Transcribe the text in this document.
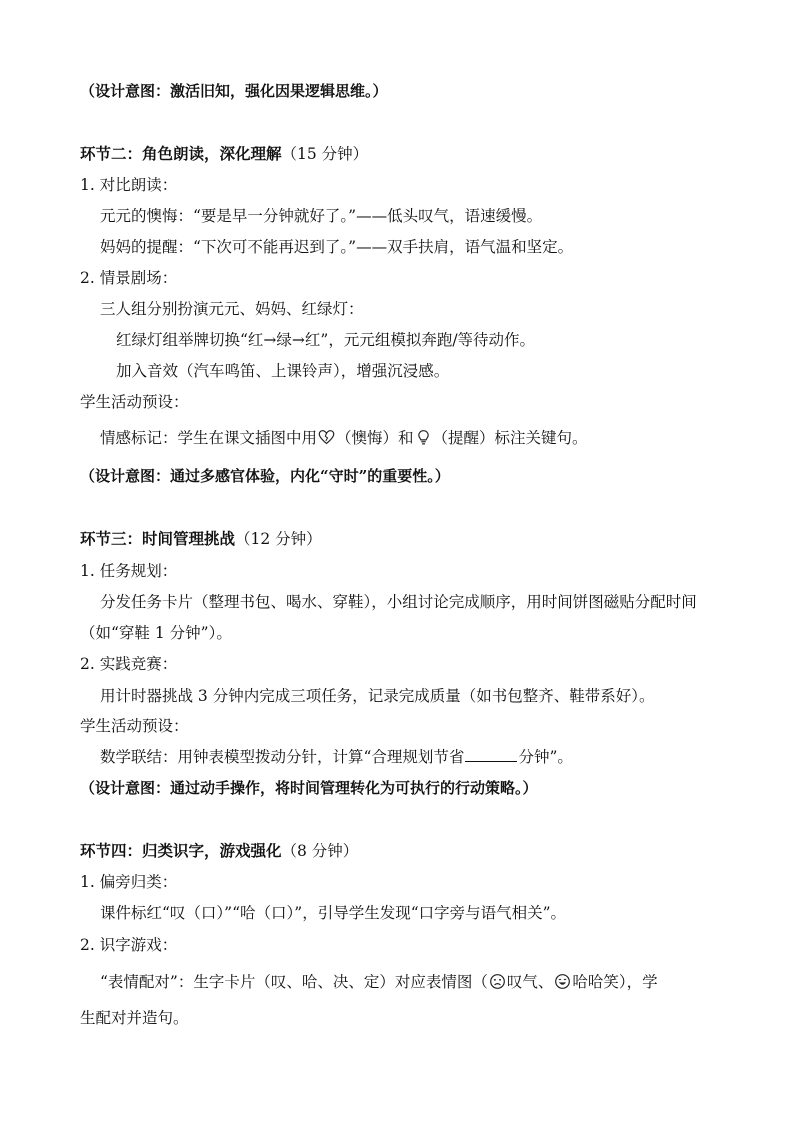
（设计意图：激活旧知，强化因果逻辑思维。）
环节二：角色朗读，深化理解（15 分钟）
1. 对比朗读：
元元的懊悔：“要是早一分钟就好了。”——低头叹气，语速缓慢。
妈妈的提醒：“下次可不能再迟到了。”——双手扶肩，语气温和坚定。
2. 情景剧场：
三人组分别扮演元元、妈妈、红绿灯：
红绿灯组举牌切换“红→绿→红”，元元组模拟奔跑/等待动作。
加入音效（汽车鸣笛、上课铃声），增强沉浸感。
学生活动预设：
情感标记：学生在课文插图中用 （懊悔）和 （提醒）标注关键句。
（设计意图：通过多感官体验，内化“守时”的重要性。）
环节三：时间管理挑战（12 分钟）
1. 任务规划：
分发任务卡片（整理书包、喝水、穿鞋），小组讨论完成顺序，用时间饼图磁贴分配时间
（如“穿鞋 1 分钟”）。
2. 实践竞赛：
用计时器挑战 3 分钟内完成三项任务，记录完成质量（如书包整齐、鞋带系好）。
学生活动预设：
数学联结：用钟表模型拨动分针，计算“合理规划节省	分钟”。
（设计意图：通过动手操作，将时间管理转化为可执行的行动策略。）
环节四：归类识字，游戏强化（8 分钟）
1. 偏旁归类：
课件标红“叹（口）”“哈（口）”，引导学生发现“口字旁与语气相关”。
2. 识字游戏：
“表情配对”：生字卡片（叹、哈、决、定）对应表情图（ 叹气、 哈哈笑），学
生配对并造句。
